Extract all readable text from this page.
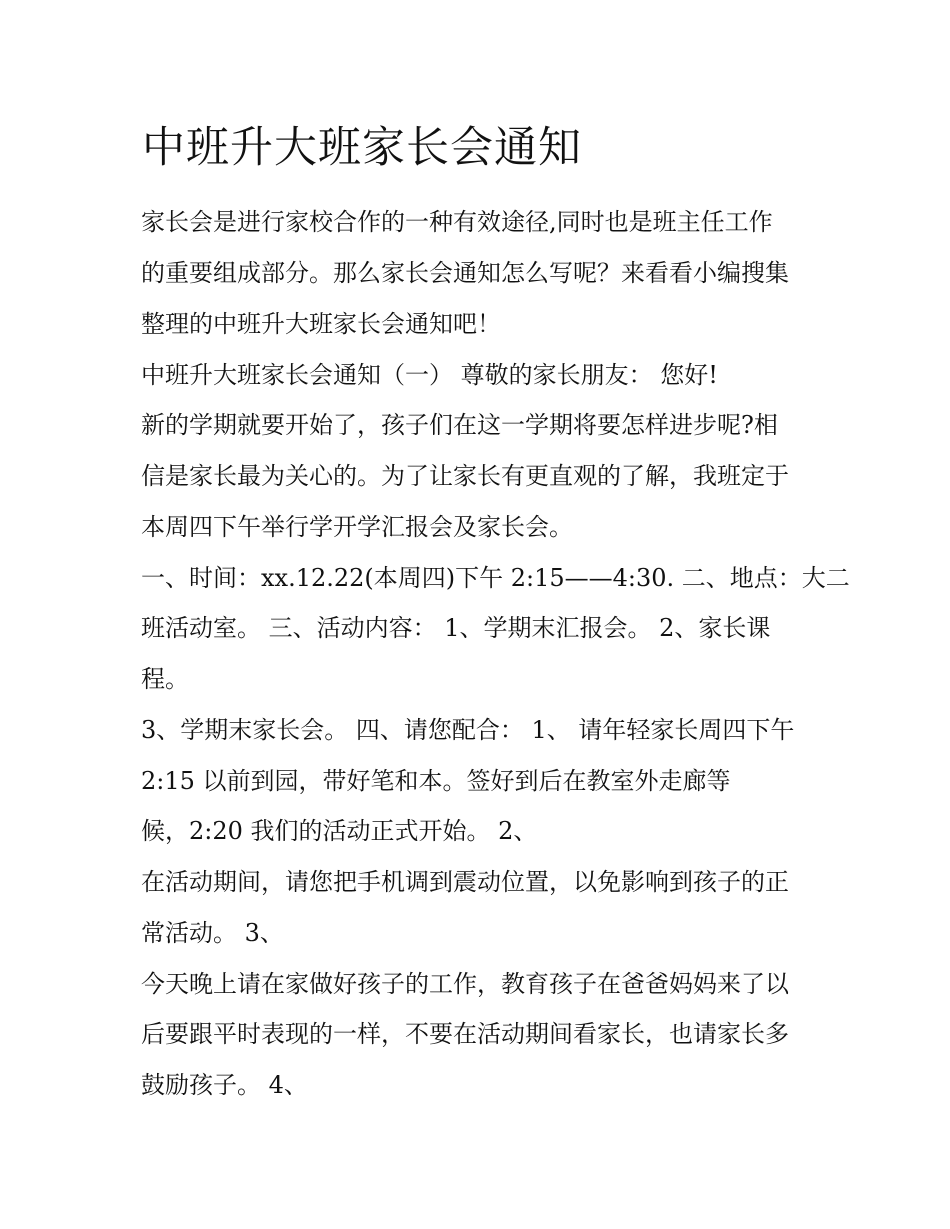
中班升大班家长会通知

家长会是进行家校合作的一种有效途径,同时也是班主任工作

的重要组成部分。那么家长会通知怎么写呢？来看看小编搜集

整理的中班升大班家长会通知吧！

中班升大班家长会通知（一） 尊敬的家长朋友： 您好!

新的学期就要开始了，孩子们在这一学期将要怎样进步呢?相

信是家长最为关心的。为了让家长有更直观的了解，我班定于

本周四下午举行学开学汇报会及家长会。

一、时间：xx.12.22(本周四)下午 2:15——4:30. 二、地点：大二

班活动室。 三、活动内容： 1、学期末汇报会。 2、家长课

程。

3、学期末家长会。 四、请您配合： 1、 请年轻家长周四下午

2:15 以前到园，带好笔和本。签好到后在教室外走廊等

候，2:20 我们的活动正式开始。 2、

在活动期间，请您把手机调到震动位置，以免影响到孩子的正

常活动。 3、

今天晚上请在家做好孩子的工作，教育孩子在爸爸妈妈来了以

后要跟平时表现的一样，不要在活动期间看家长，也请家长多

鼓励孩子。 4、
